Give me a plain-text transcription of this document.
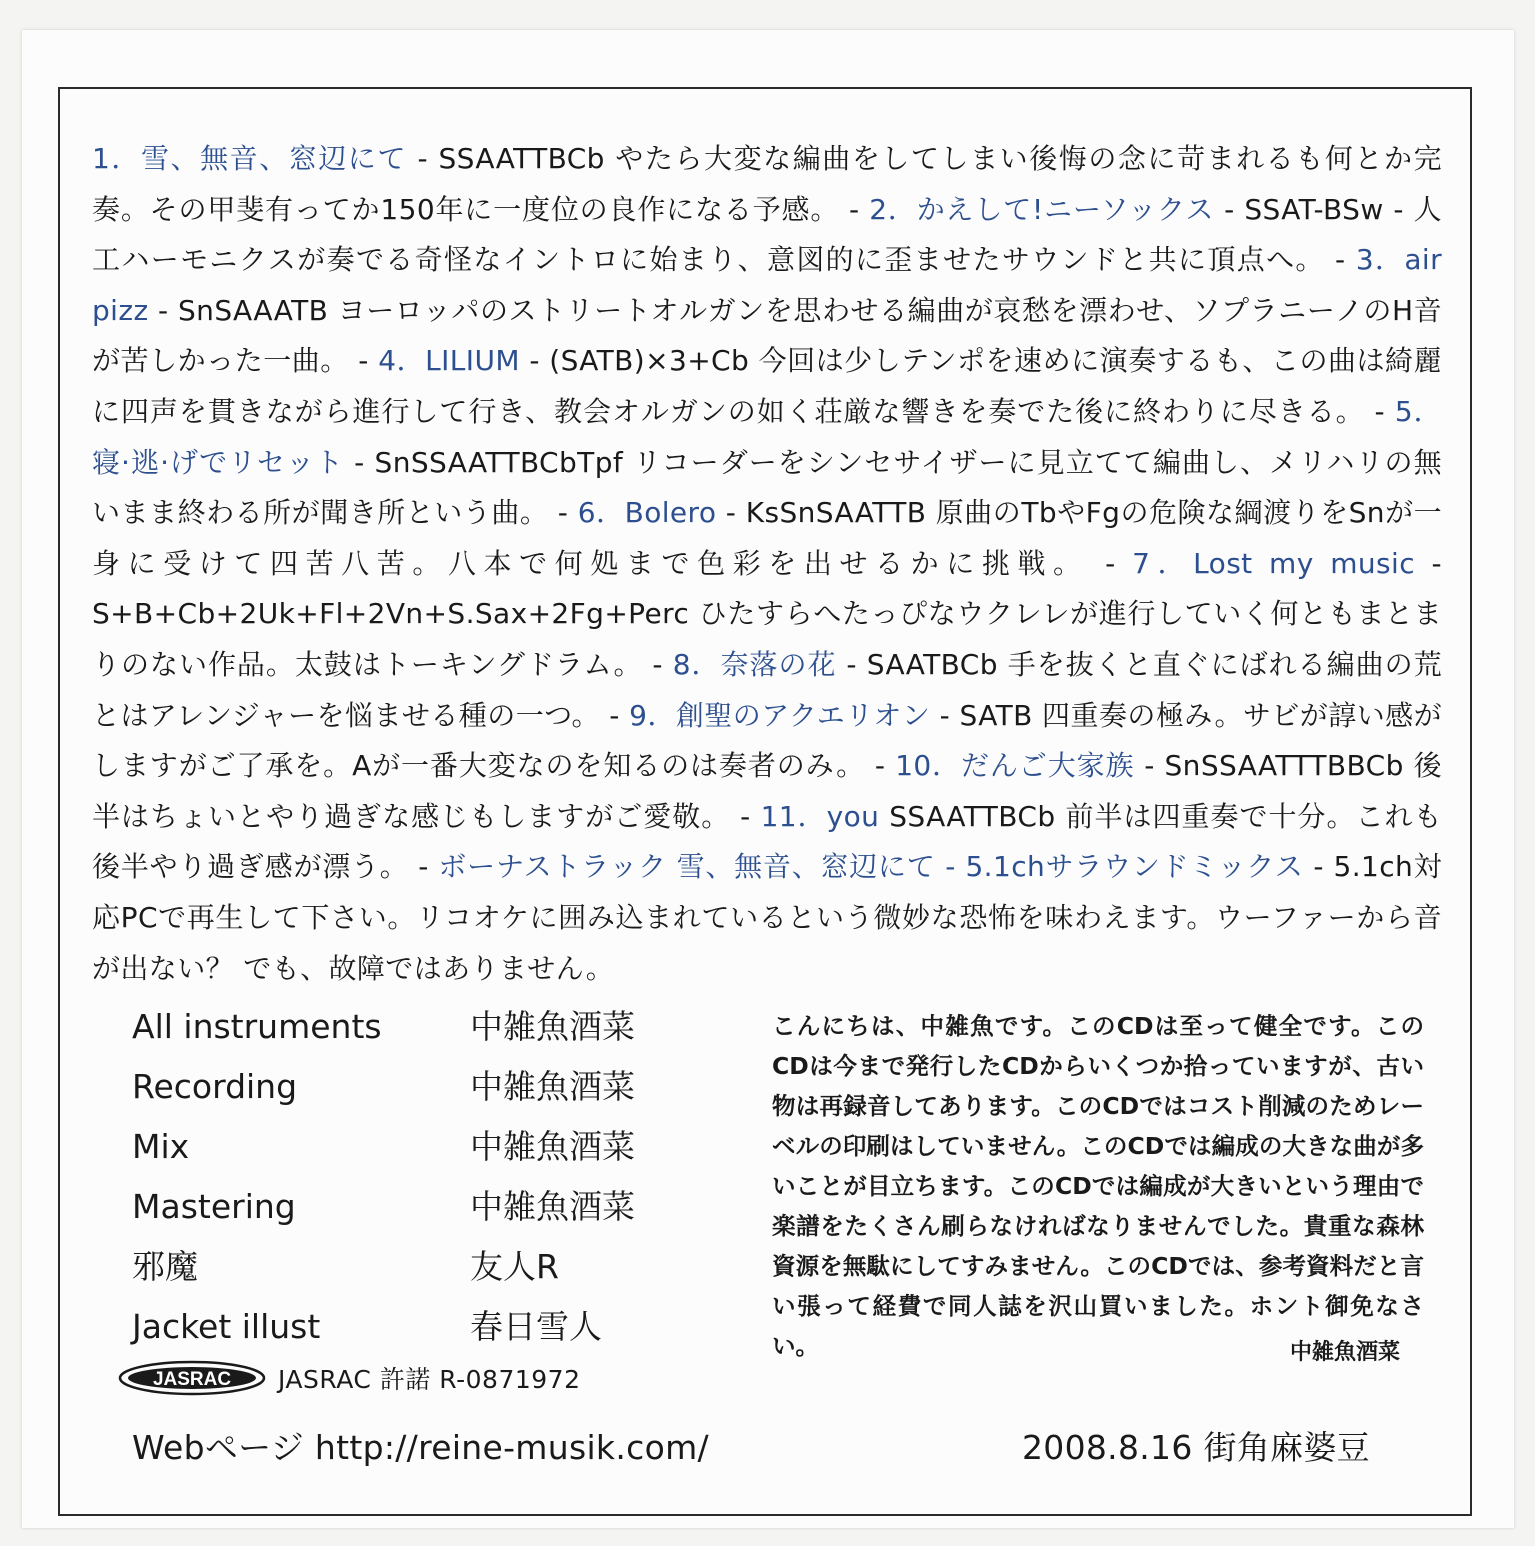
1．雪、無音、窓辺にて - SSAATTBCb やたら大変な編曲をしてしまい後悔の念に苛まれるも何とか完奏。その甲斐有ってか150年に一度位の良作になる予感。 - 2．かえして!ニーソックス - SSAT-BSw - 人工ハーモニクスが奏でる奇怪なイントロに始まり、意図的に歪ませたサウンドと共に頂点へ。 - 3．air pizz - SnSAAATB ヨーロッパのストリートオルガンを思わせる編曲が哀愁を漂わせ、ソプラニーノのH音が苦しかった一曲。 - 4．LILIUM - (SATB)×3+Cb 今回は少しテンポを速めに演奏するも、この曲は綺麗に四声を貫きながら進行して行き、教会オルガンの如く荘厳な響きを奏でた後に終わりに尽きる。 - 5．寝·逃·げでリセット - SnSSAATTBCbTpf リコーダーをシンセサイザーに見立てて編曲し、メリハリの無いまま終わる所が聞き所という曲。 - 6．Bolero - KsSnSAATTB 原曲のTbやFgの危険な綱渡りをSnが一身に受けて四苦八苦。八本で何処まで色彩を出せるかに挑戦。 - 7．Lost my music - S+B+Cb+2Uk+Fl+2Vn+S.Sax+2Fg+Perc ひたすらへたっぴなウクレレが進行していく何ともまとまりのない作品。太鼓はトーキングドラム。 - 8．奈落の花 - SAATBCb 手を抜くと直ぐにばれる編曲の荒とはアレンジャーを悩ませる種の一つ。 - 9．創聖のアクエリオン - SATB 四重奏の極み。サビが諄い感がしますがご了承を。Aが一番大変なのを知るのは奏者のみ。 - 10．だんご大家族 - SnSSAATTTBBCb 後半はちょいとやり過ぎな感じもしますがご愛敬。 - 11．you SSAATTBCb 前半は四重奏で十分。これも後半やり過ぎ感が漂う。 - ボーナストラック 雪、無音、窓辺にて - 5.1chサラウンドミックス - 5.1ch対応PCで再生して下さい。リコオケに囲み込まれているという微妙な恐怖を味わえます。ウーファーから音が出ない？ でも、故障ではありません。

All instruments	中雑魚酒菜
Recording	中雑魚酒菜
Mix	中雑魚酒菜
Mastering	中雑魚酒菜
邪魔	友人R
Jacket illust	春日雪人
JASRAC JASRAC 許諾 R-0871972

こんにちは、中雑魚です。このCDは至って健全です。このCDは今まで発行したCDからいくつか拾っていますが、古い物は再録音してあります。このCDではコスト削減のためレーベルの印刷はしていません。このCDでは編成の大きな曲が多いことが目立ちます。このCDでは編成が大きいという理由で楽譜をたくさん刷らなければなりませんでした。貴重な森林資源を無駄にしてすみません。このCDでは、参考資料だと言い張って経費で同人誌を沢山買いました。ホント御免なさい。	中雑魚酒菜
Webページ http://reine-musik.com/	2008.8.16 街角麻婆豆
